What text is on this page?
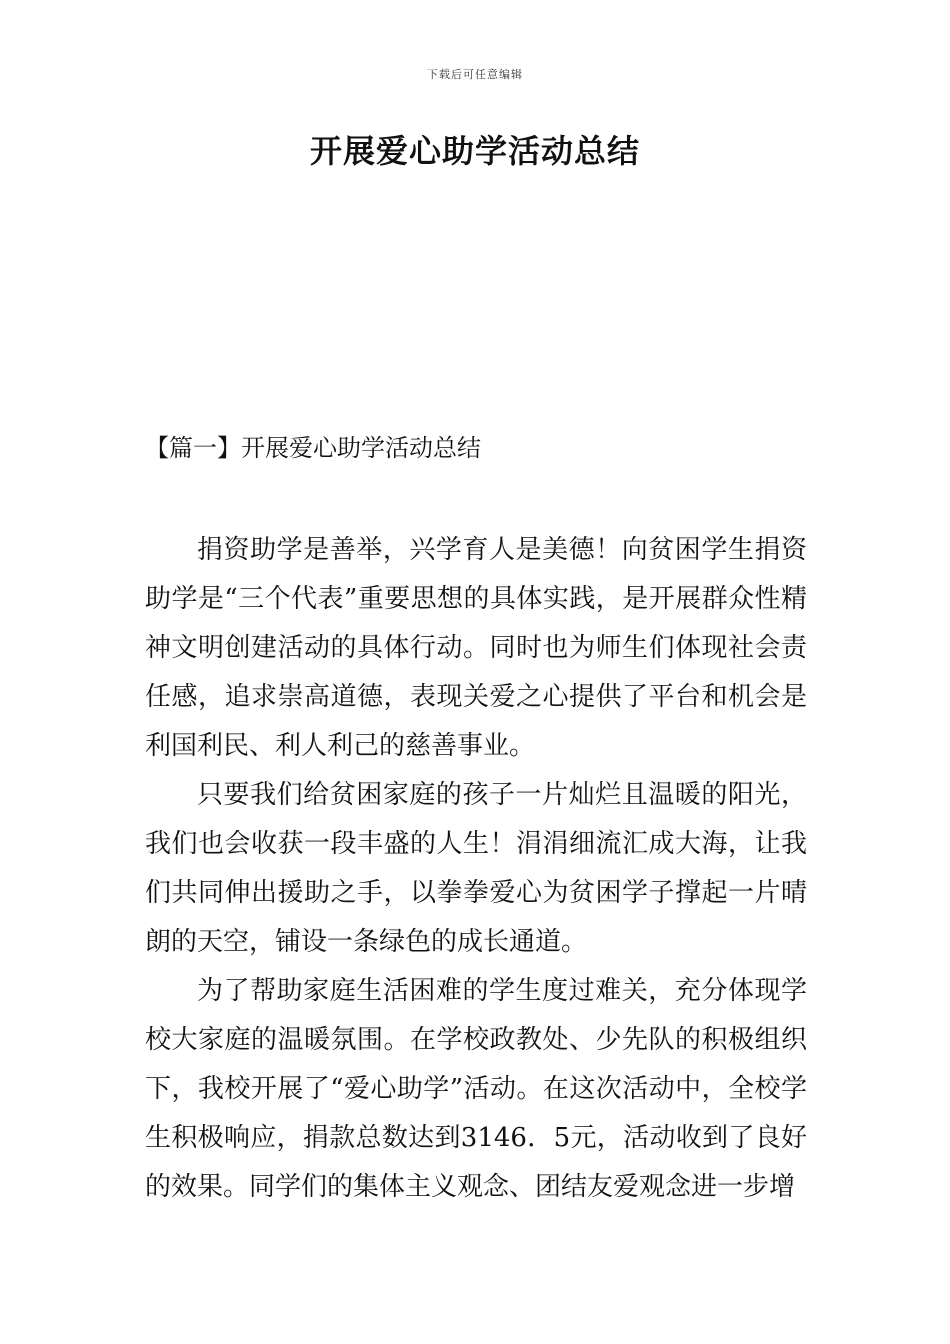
下载后可任意编辑
开展爱心助学活动总结
【篇一】开展爱心助学活动总结

捐资助学是善举，兴学育人是美德！向贫困学生捐资助学是“三个代表”重要思想的具体实践，是开展群众性精神文明创建活动的具体行动。同时也为师生们体现社会责任感，追求崇高道德，表现关爱之心提供了平台和机会是利国利民、利人利己的慈善事业。

只要我们给贫困家庭的孩子一片灿烂且温暖的阳光，我们也会收获一段丰盛的人生！涓涓细流汇成大海，让我们共同伸出援助之手，以拳拳爱心为贫困学子撑起一片晴朗的天空，铺设一条绿色的成长通道。

为了帮助家庭生活困难的学生度过难关，充分体现学校大家庭的温暖氛围。在学校政教处、少先队的积极组织下，我校开展了“爱心助学”活动。在这次活动中，全校学生积极响应，捐款总数达到3146．5元，活动收到了良好的效果。同学们的集体主义观念、团结友爱观念进一步增
